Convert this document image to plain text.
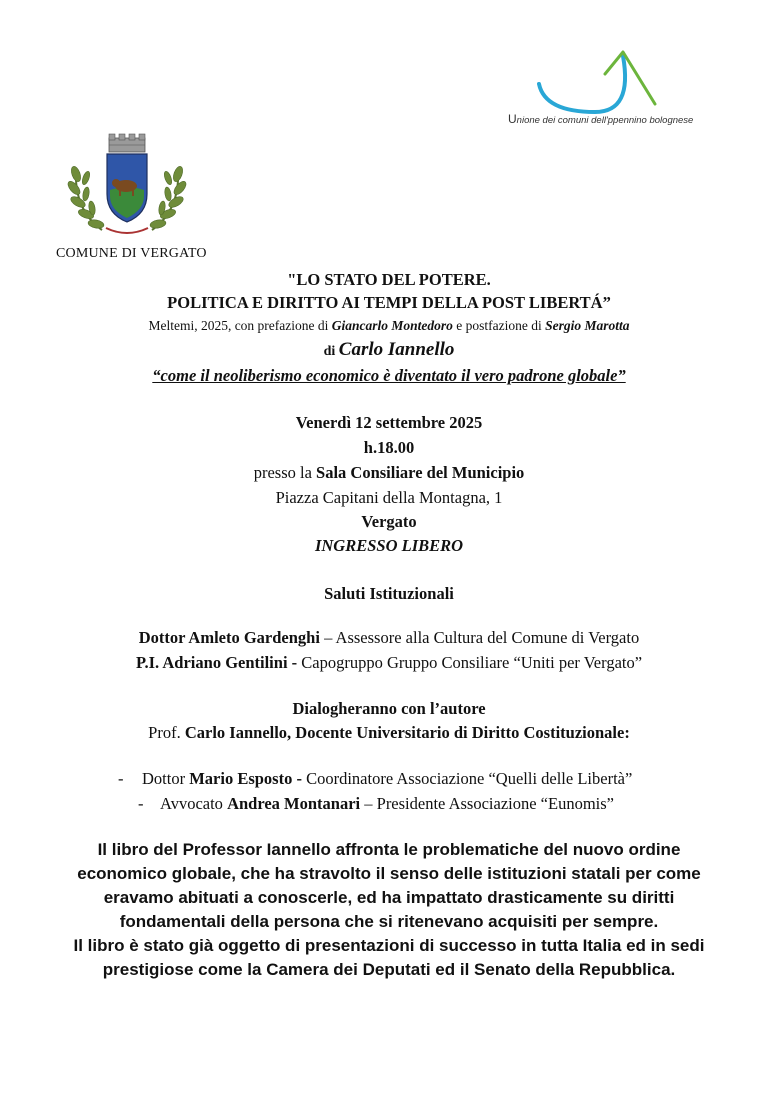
Unione dei comuni dell'ppennino bolognese
COMUNE DI VERGATO
"LO STATO DEL POTERE.
POLITICA E DIRITTO AI TEMPI DELLA POST LIBERTÁ”
Meltemi, 2025, con prefazione di Giancarlo Montedoro e postfazione di Sergio Marotta
di Carlo Iannello
“come il neoliberismo economico è diventato il vero padrone globale”
Venerdì 12 settembre 2025
h.18.00
presso la Sala Consiliare del Municipio
Piazza Capitani della Montagna, 1
Vergato
INGRESSO LIBERO
Saluti Istituzionali
Dottor Amleto Gardenghi – Assessore alla Cultura del Comune di Vergato
P.I. Adriano Gentilini - Capogruppo Gruppo Consiliare “Uniti per Vergato”
Dialogheranno con l’autore
Prof. Carlo Iannello, Docente Universitario di Diritto Costituzionale:
- Dottor Mario Esposto - Coordinatore Associazione “Quelli delle Libertà”
- Avvocato Andrea Montanari – Presidente Associazione “Eunomis”
Il libro del Professor Iannello affronta le problematiche del nuovo ordine
economico globale, che ha stravolto il senso delle istituzioni statali per come
eravamo abituati a conoscerle, ed ha impattato drasticamente su diritti
fondamentali della persona che si ritenevano acquisiti per sempre.
Il libro è stato già oggetto di presentazioni di successo in tutta Italia ed in sedi
prestigiose come la Camera dei Deputati ed il Senato della Repubblica.
